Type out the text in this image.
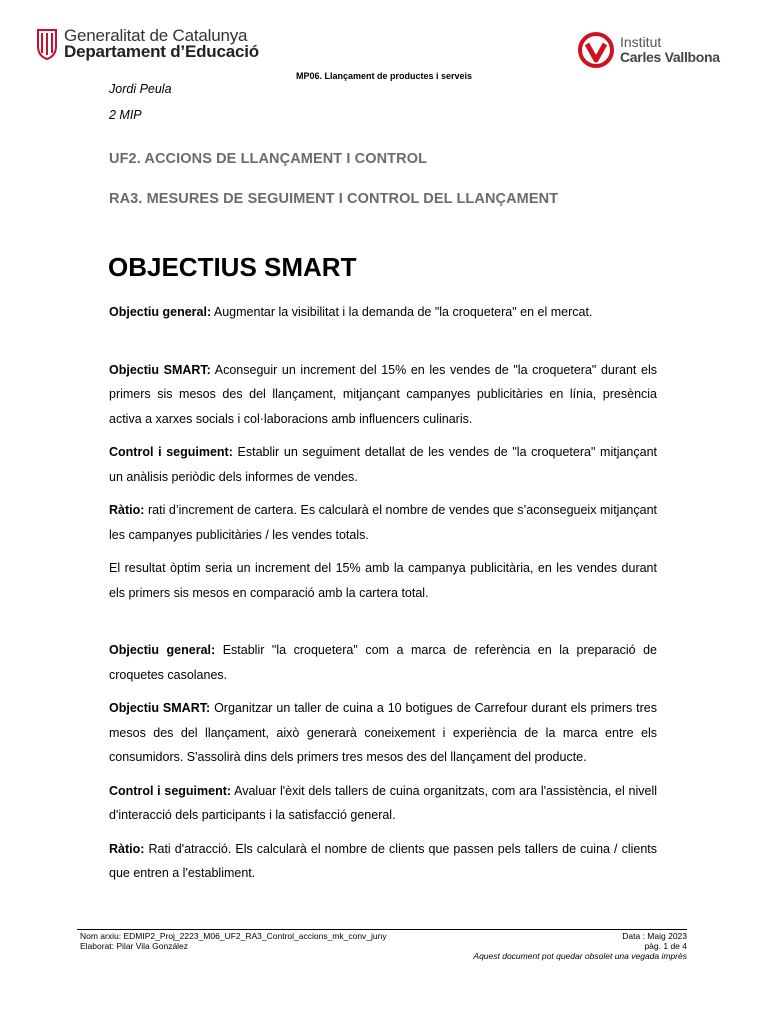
Generalitat de Catalunya
Departament d’Educació	Institut
Carles Vallbona
MP06. Llançament de productes i serveis
Jordi Peula
2 MIP
UF2. ACCIONS DE LLANÇAMENT I CONTROL
RA3. MESURES DE SEGUIMENT I CONTROL DEL LLANÇAMENT
OBJECTIUS SMART

Objectiu general: Augmentar la visibilitat i la demanda de "la croquetera" en el mercat.

Objectiu SMART: Aconseguir un increment del 15% en les vendes de "la croquetera" durant els primers sis mesos des del llançament, mitjançant campanyes publicitàries en línia, presència activa a xarxes socials i col·laboracions amb influencers culinaris.

Control i seguiment: Establir un seguiment detallat de les vendes de "la croquetera" mitjançant un anàlisis periòdic dels informes de vendes.

Ràtio: rati d’increment de cartera. Es calcularà el nombre de vendes que s’aconsegueix mitjançant les campanyes publicitàries / les vendes totals.

El resultat òptim seria un increment del 15% amb la campanya publicitària, en les vendes durant els primers sis mesos en comparació amb la cartera total.

Objectiu general: Establir "la croquetera" com a marca de referència en la preparació de croquetes casolanes.

Objectiu SMART: Organitzar un taller de cuina a 10 botigues de Carrefour durant els primers tres mesos des del llançament, això generarà coneixement i experiència de la marca entre els consumidors. S'assolirà dins dels primers tres mesos des del llançament del producte.

Control i seguiment: Avaluar l'èxit dels tallers de cuina organitzats, com ara l'assistència, el nivell d'interacció dels participants i la satisfacció general.

Ràtio: Rati d'atracció. Els calcularà el nombre de clients que passen pels tallers de cuina / clients que entren a l'establiment.

Nom arxiu: EDMIP2_Proj_2223_M06_UF2_RA3_Control_accions_mk_conv_juny
Elaborat: Pilar Vila González
Data : Maig 2023
pàg. 1 de 4
Aquest document pot quedar obsolet una vegada imprès
